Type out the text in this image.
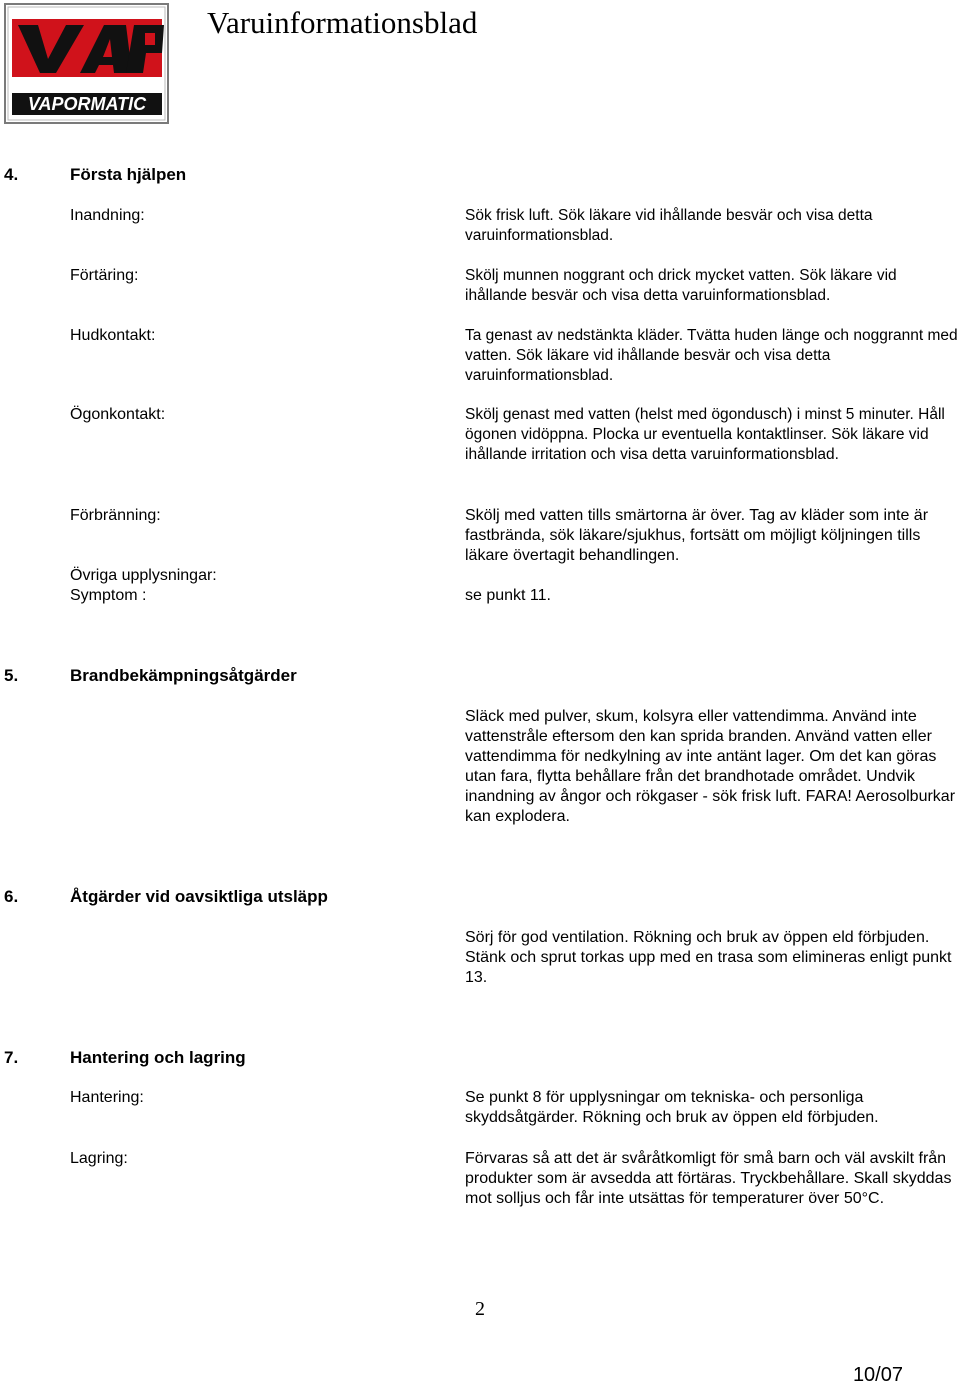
VAPORMATIC
Varuinformationsblad
4.	Första hjälpen
Inandning:	Sök frisk luft. Sök läkare vid ihållande besvär och visa detta varuinformationsblad.
Förtäring:	Skölj munnen noggrant och drick mycket vatten. Sök läkare vid ihållande besvär och visa detta varuinformationsblad.
Hudkontakt:	Ta genast av nedstänkta kläder. Tvätta huden länge och noggrannt med vatten. Sök läkare vid ihållande besvär och visa detta varuinformationsblad.
Ögonkontakt:	Skölj genast med vatten (helst med ögondusch) i minst 5 minuter. Håll ögonen vidöppna. Plocka ur eventuella kontaktlinser. Sök läkare vid ihållande irritation och visa detta varuinformationsblad.
Förbränning:	Skölj med vatten tills smärtorna är över. Tag av kläder som inte är fastbrända, sök läkare/sjukhus, fortsätt om möjligt köljningen tills läkare övertagit behandlingen.
Övriga upplysningar:
Symptom :	se punkt 11.
5.	Brandbekämpningsåtgärder
Släck med pulver, skum, kolsyra eller vattendimma. Använd inte vattenstråle eftersom den kan sprida branden. Använd vatten eller vattendimma för nedkylning av inte antänt lager. Om det kan göras utan fara, flytta behållare från det brandhotade området. Undvik inandning av ångor och rökgaser - sök frisk luft. FARA! Aerosolburkar kan explodera.
6.	Åtgärder vid oavsiktliga utsläpp
Sörj för god ventilation. Rökning och bruk av öppen eld förbjuden. Stänk och sprut torkas upp med en trasa som elimineras enligt punkt 13.
7.	Hantering och lagring
Hantering:	Se punkt 8 för upplysningar om tekniska- och personliga skyddsåtgärder. Rökning och bruk av öppen eld förbjuden.
Lagring:	Förvaras så att det är svåråtkomligt för små barn och väl avskilt från produkter som är avsedda att förtäras. Tryckbehållare. Skall skyddas mot solljus och får inte utsättas för temperaturer över 50°C.
2
10/07
